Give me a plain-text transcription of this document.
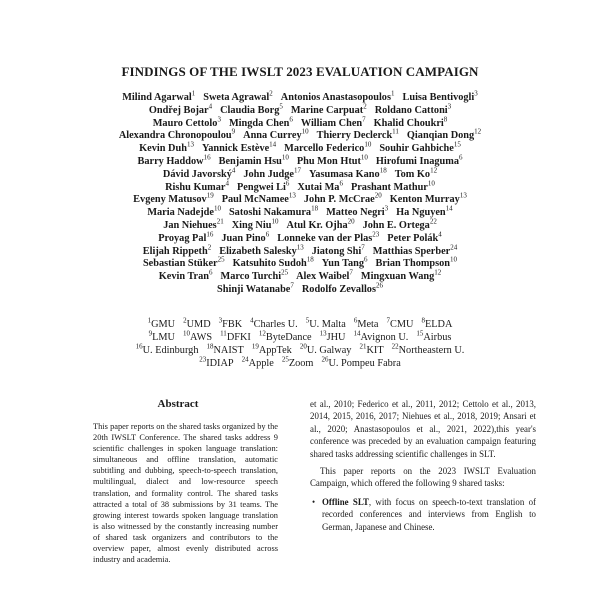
FINDINGS OF THE IWSLT 2023 EVALUATION CAMPAIGN
Milind Agarwal$^1$ Sweta Agrawal$^2$ Antonios Anastasopoulos$^1$ Luisa Bentivogli$^3$
Ondřej Bojar$^4$ Claudia Borg$^5$ Marine Carpuat$^2$ Roldano Cattoni$^3$
Mauro Cettolo$^3$ Mingda Chen$^6$ William Chen$^7$ Khalid Choukri$^8$
Alexandra Chronopoulou$^9$ Anna Currey$^{10}$ Thierry Declerck$^{11}$ Qianqian Dong$^{12}$
Kevin Duh$^{13}$ Yannick Estève$^{14}$ Marcello Federico$^{10}$ Souhir Gahbiche$^{15}$
Barry Haddow$^{16}$ Benjamin Hsu$^{10}$ Phu Mon Htut$^{10}$ Hirofumi Inaguma$^6$
Dávid Javorský$^4$ John Judge$^{17}$ Yasumasa Kano$^{18}$ Tom Ko$^{12}$
Rishu Kumar$^4$ Pengwei Li$^6$ Xutai Ma$^6$ Prashant Mathur$^{10}$
Evgeny Matusov$^{19}$ Paul McNamee$^{13}$ John P. McCrae$^{20}$ Kenton Murray$^{13}$
Maria Nadejde$^{10}$ Satoshi Nakamura$^{18}$ Matteo Negri$^3$ Ha Nguyen$^{14}$
Jan Niehues$^{21}$ Xing Niu$^{10}$ Atul Kr. Ojha$^{20}$ John E. Ortega$^{22}$
Proyag Pal$^{16}$ Juan Pino$^6$ Lonneke van der Plas$^{23}$ Peter Polák$^4$
Elijah Rippeth$^2$ Elizabeth Salesky$^{13}$ Jiatong Shi$^7$ Matthias Sperber$^{24}$
Sebastian Stüker$^{25}$ Katsuhito Sudoh$^{18}$ Yun Tang$^6$ Brian Thompson$^{10}$
Kevin Tran$^6$ Marco Turchi$^{25}$ Alex Waibel$^7$ Mingxuan Wang$^{12}$
Shinji Watanabe$^7$ Rodolfo Zevallos$^{26}$
$^1$GMU $^2$UMD $^3$FBK $^4$Charles U. $^5$U. Malta $^6$Meta $^7$CMU $^8$ELDA
$^9$LMU $^{10}$AWS $^{11}$DFKI $^{12}$ByteDance $^{13}$JHU $^{14}$Avignon U. $^{15}$Airbus
$^{16}$U. Edinburgh $^{18}$NAIST $^{19}$AppTek $^{20}$U. Galway $^{21}$KIT $^{22}$Northeastern U.
$^{23}$IDIAP $^{24}$Apple $^{25}$Zoom $^{26}$U. Pompeu Fabra
Abstract
This paper reports on the shared tasks organized by the 20th IWSLT Conference. The shared tasks address 9 scientific challenges in spoken language translation: simultaneous and offline translation, automatic subtitling and dubbing, speech-to-speech translation, multilingual, dialect and low-resource speech translation, and formality control. The shared tasks attracted a total of 38 submissions by 31 teams. The growing interest towards spoken language translation is also witnessed by the constantly increasing number of shared task organizers and contributors to the overview paper, almost evenly distributed across industry and academia.

et al., 2010; Federico et al., 2011, 2012; Cettolo et al., 2013, 2014, 2015, 2016, 2017; Niehues et al., 2018, 2019; Ansari et al., 2020; Anastasopoulos et al., 2021, 2022),this year's conference was preceded by an evaluation campaign featuring shared tasks addressing scientific challenges in SLT.

This paper reports on the 2023 IWSLT Evaluation Campaign, which offered the following 9 shared tasks:

• Offline SLT, with focus on speech-to-text translation of recorded conferences and interviews from English to German, Japanese and Chinese.
